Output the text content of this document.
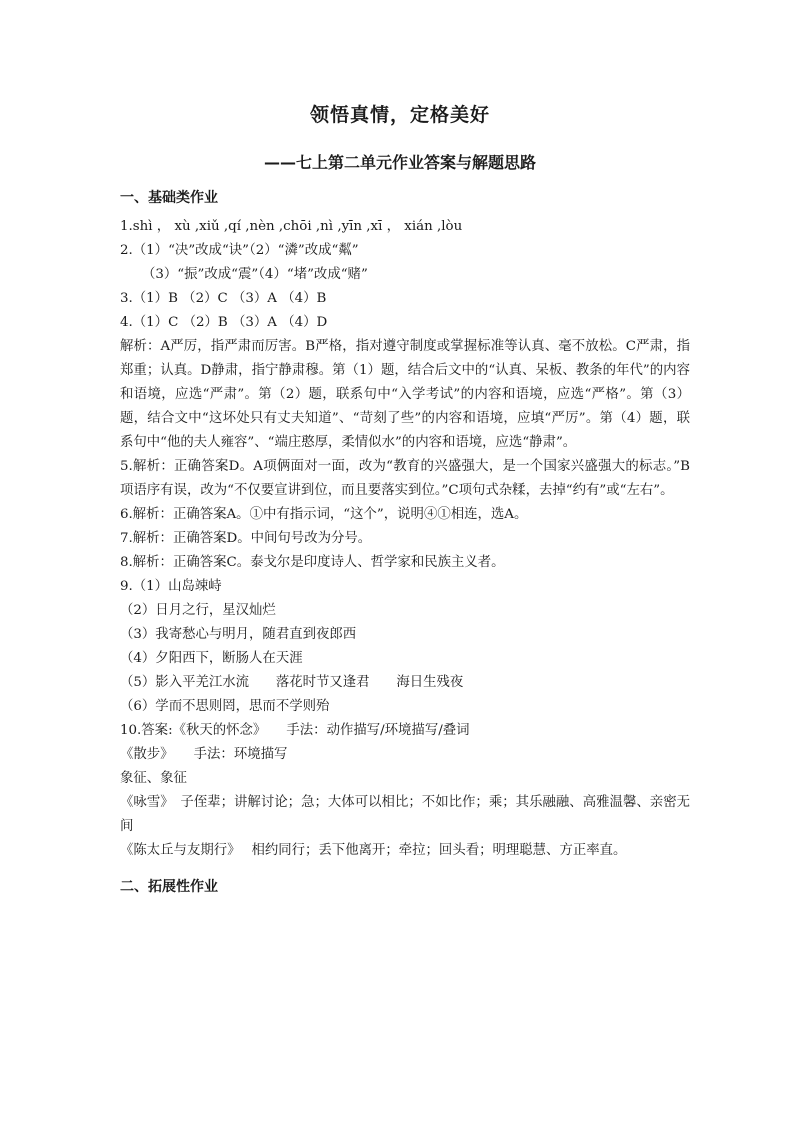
领悟真情，定格美好
——七上第二单元作业答案与解题思路
一、基础类作业

1.shì ， xù ,xiǔ ,qí ,nèn ,chōi ,nì ,yīn ,xī ， xián ,lòu

2.（1）“决”改成“诀”（2）“潾”改成“粼”

（3）“振”改成“震”（4）“堵”改成“赌”

3.（1）B （2）C （3）A （4）B

4.（1）C （2）B （3）A （4）D

解析：A严厉，指严肃而厉害。B严格，指对遵守制度或掌握标准等认真、毫不放松。C严肃，指郑重；认真。D静肃，指宁静肃穆。第（1）题，结合后文中的“认真、呆板、教条的年代”的内容和语境，应选“严肃”。第（2）题，联系句中“入学考试”的内容和语境，应选“严格”。第（3）题，结合文中“这坏处只有丈夫知道”、“苛刻了些”的内容和语境，应填“严厉”。第（4）题，联系句中“他的夫人雍容”、“端庄憨厚，柔情似水”的内容和语境，应选“静肃”。

5.解析：正确答案D。A项俩面对一面，改为“教育的兴盛强大，是一个国家兴盛强大的标志。”B项语序有误，改为“不仅要宣讲到位，而且要落实到位。”C项句式杂糅，去掉“约有”或“左右”。

6.解析：正确答案A。①中有指示词，“这个”，说明④①相连，选A。

7.解析：正确答案D。中间句号改为分号。

8.解析：正确答案C。泰戈尔是印度诗人、哲学家和民族主义者。

9.（1）山岛竦峙

（2）日月之行，星汉灿烂

（3）我寄愁心与明月，随君直到夜郎西

（4）夕阳西下，断肠人在天涯

（5）影入平羌江水流　　落花时节又逢君　　海日生残夜

（6）学而不思则罔，思而不学则殆

10.答案:《秋天的怀念》　　手法：动作描写/环境描写/叠词

《散步》　　手法：环境描写

象征、象征

《咏雪》　子侄辈；讲解讨论；急；大体可以相比；不如比作；乘；其乐融融、高雅温馨、亲密无间

《陈太丘与友期行》　 相约同行；丢下他离开；牵拉；回头看；明理聪慧、方正率直。

二、拓展性作业
